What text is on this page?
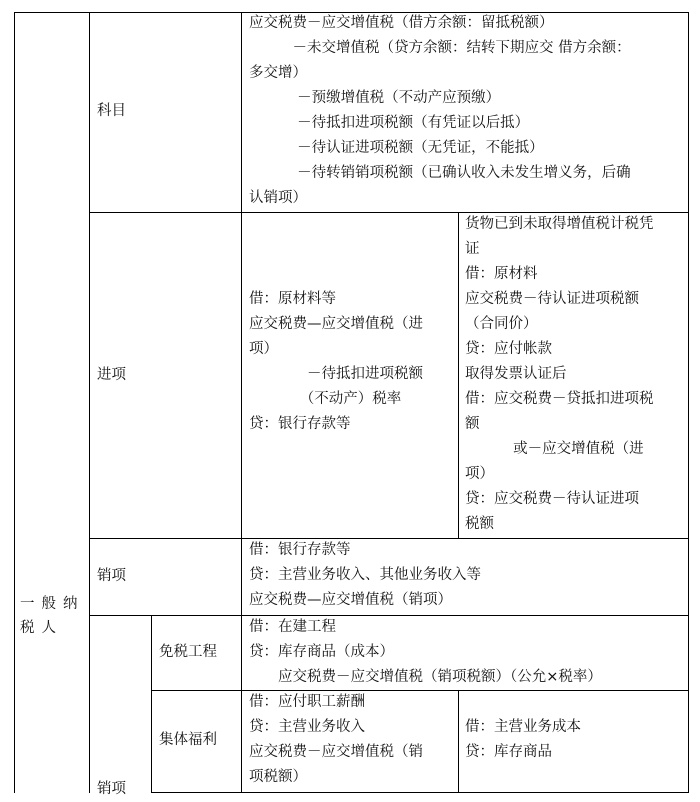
一般纳税人
科目
应交税费－应交增值税（借方余额：留抵税额）
　　　－未交增值税（贷方余额：结转下期应交 借方余额：
多交增）
　　　 －预缴增值税（不动产应预缴）
　　　 －待抵扣进项税额（有凭证以后抵）
　　　 －待认证进项税额（无凭证，不能抵）
　　　 －待转销销项税额（已确认收入未发生增义务，后确
认销项）
进项
借：原材料等
应交税费—应交增值税（进
项）
　　　　－待抵扣进项税额
　　　　（不动产）税率
贷：银行存款等
货物已到未取得增值税计税凭
证
借：原材料
应交税费－待认证进项税额
（合同价）
贷：应付帐款
取得发票认证后
借：应交税费－贷抵扣进项税
额
　　　 或－应交增值税（进
项）
贷：应交税费－待认证进项
税额
销项
借：银行存款等
贷：主营业务收入、其他业务收入等
应交税费—应交增值税（销项）
销项
免税工程
借：在建工程
贷：库存商品（成本）
　　应交税费－应交增值税（销项税额）（公允×税率）
集体福利
借：应付职工薪酬
贷：主营业务收入
应交税费－应交增值税（销
项税额）
借：主营业务成本
贷：库存商品
